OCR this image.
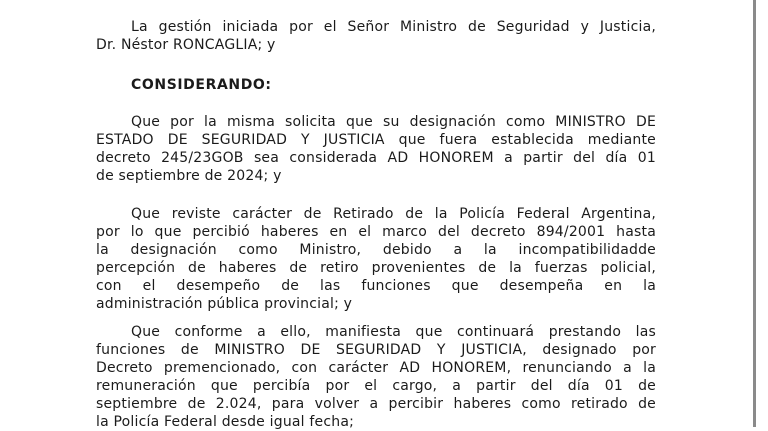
La gestión iniciada por el Señor Ministro de Seguridad y Justicia,
Dr. Néstor RONCAGLIA; y
CONSIDERANDO:
Que por la misma solicita que su designación como MINISTRO DE
ESTADO DE SEGURIDAD Y JUSTICIA que fuera establecida mediante
decreto 245/23GOB sea considerada AD HONOREM a partir del día 01
de septiembre de 2024; y
Que reviste carácter de Retirado de la Policía Federal Argentina,
por lo que percibió haberes en el marco del decreto 894/2001 hasta
la designación como Ministro, debido a la incompatibilidadde
percepción de haberes de retiro provenientes de la fuerzas policial,
con el desempeño de las funciones que desempeña en la
administración pública provincial; y
Que conforme a ello, manifiesta que continuará prestando las
funciones de MINISTRO DE SEGURIDAD Y JUSTICIA, designado por
Decreto premencionado, con carácter AD HONOREM, renunciando a la
remuneración que percibía por el cargo, a partir del día 01 de
septiembre de 2.024, para volver a percibir haberes como retirado de
la Policía Federal desde igual fecha;
